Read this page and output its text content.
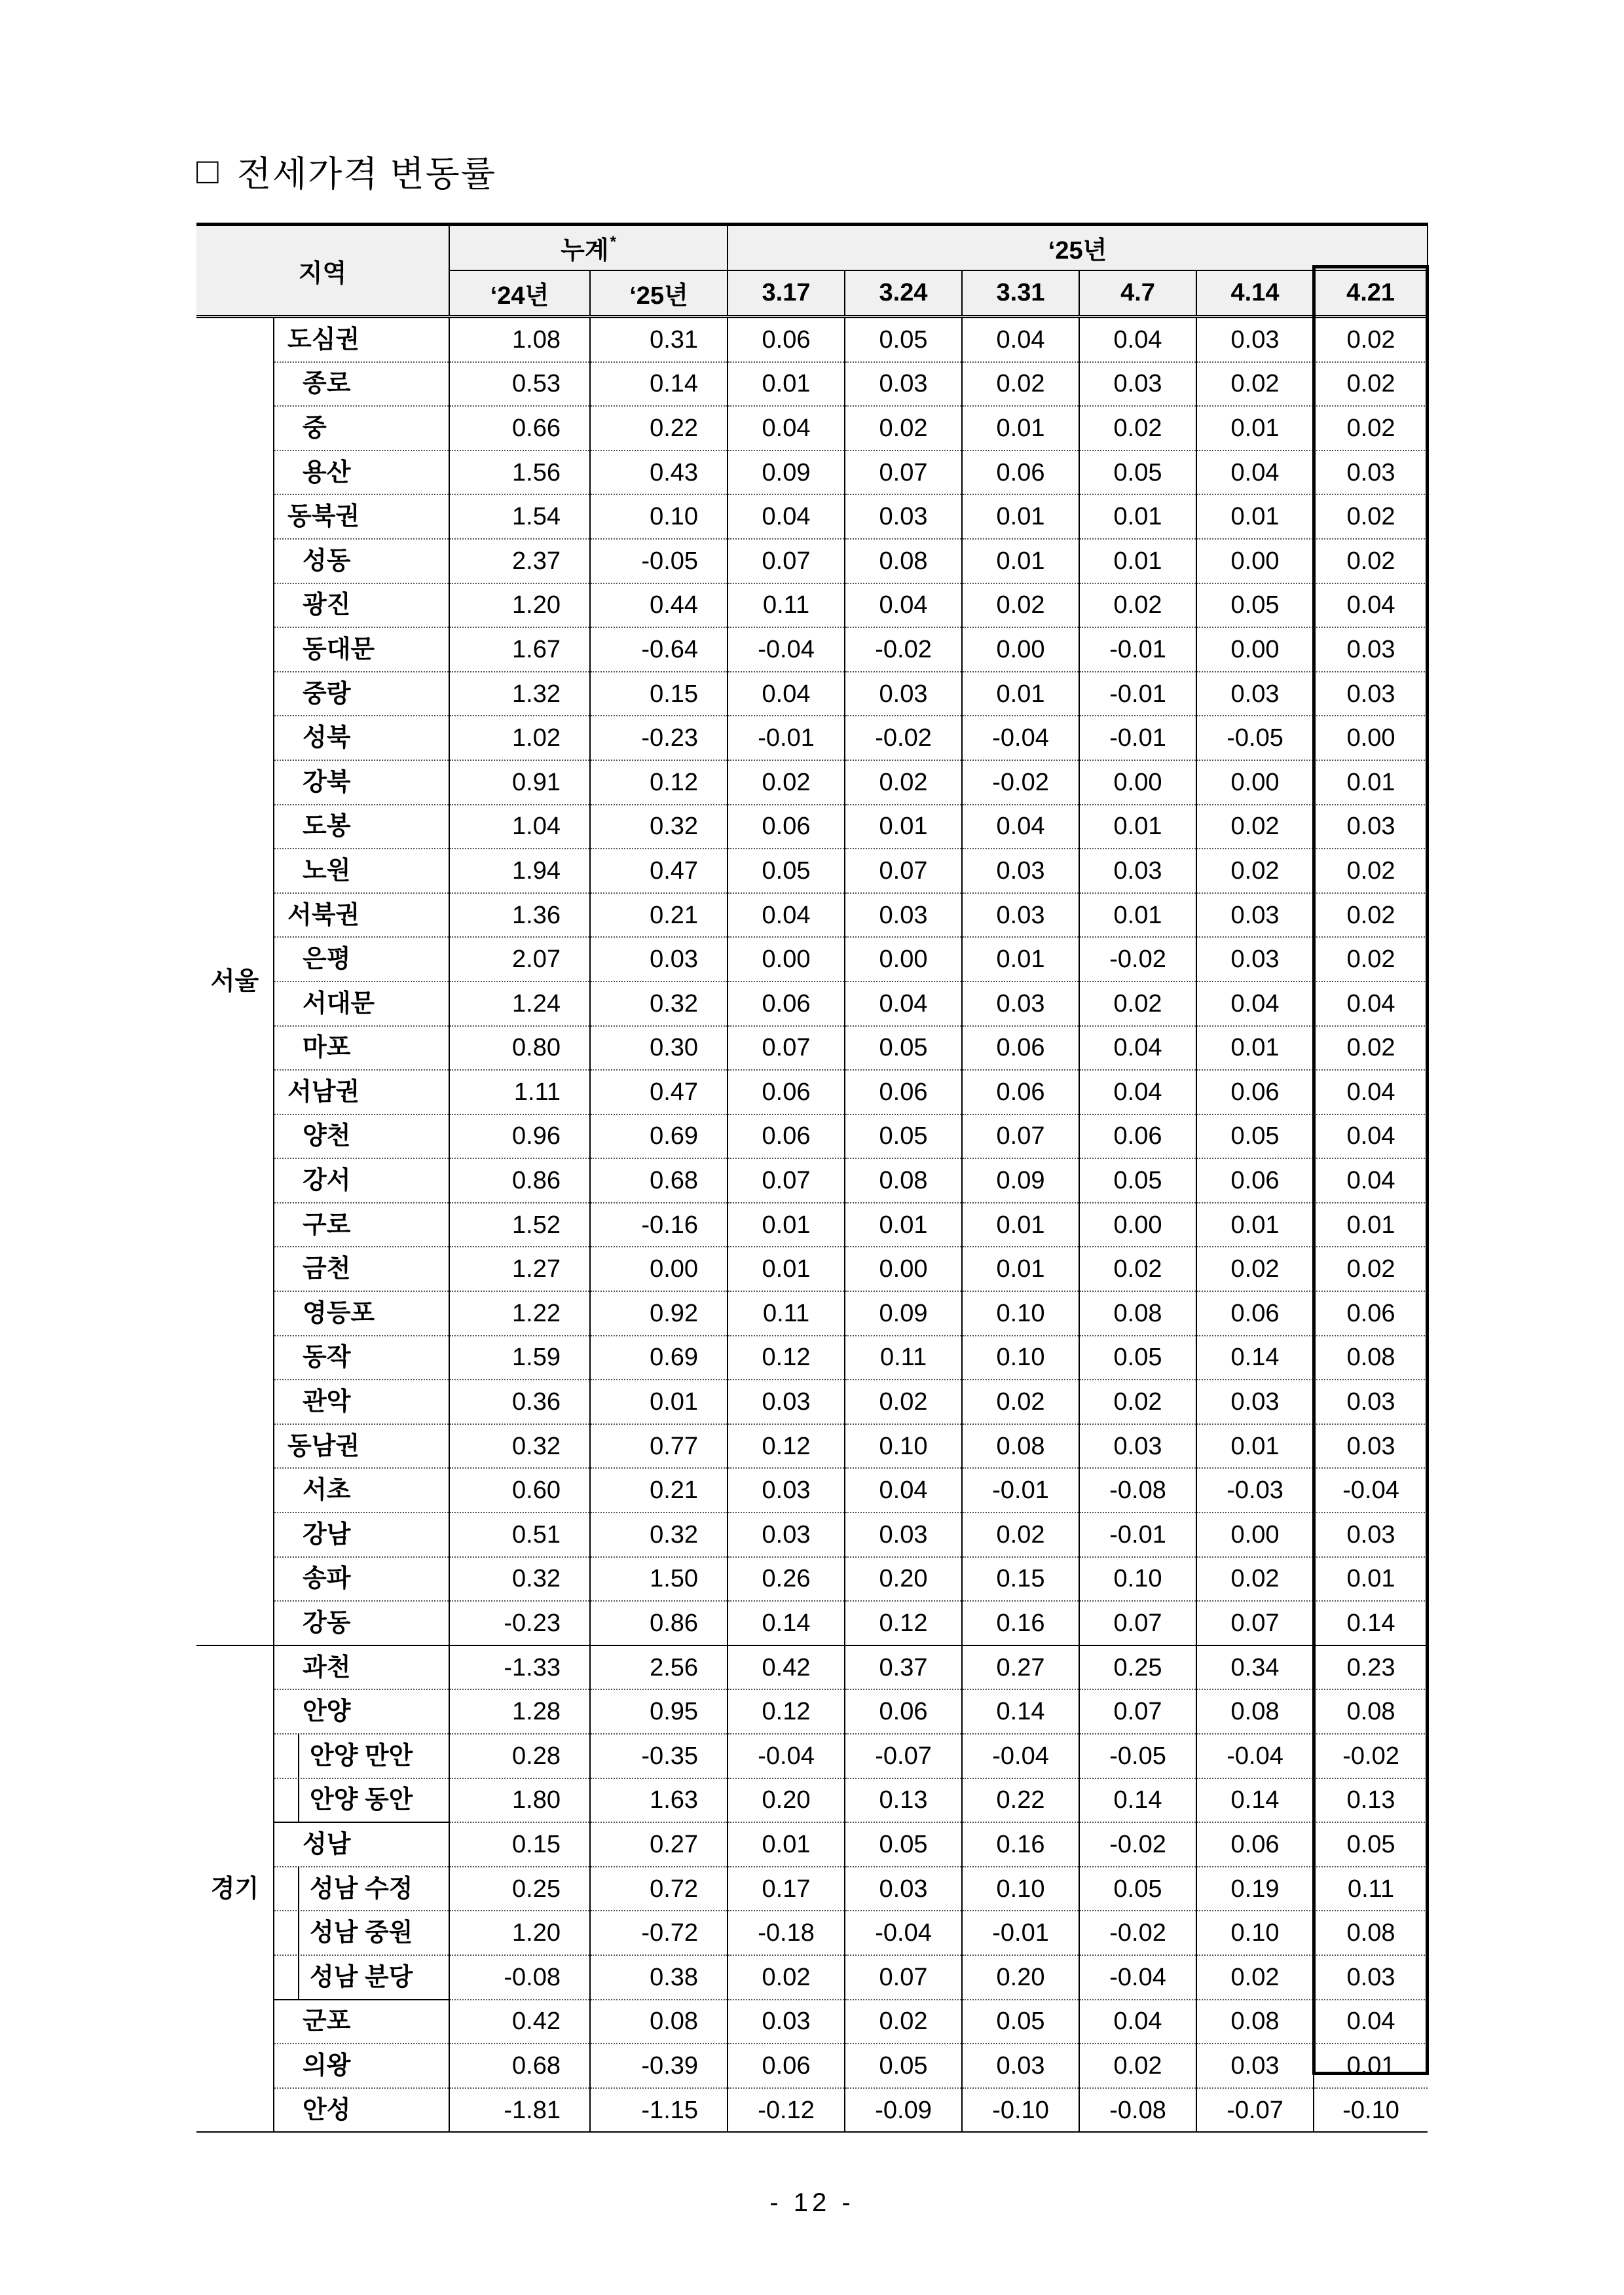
□ 전세가격 변동률
지역		누계*		‘25년					
		‘24년	‘25년	3.17	3.24	3.31	4.7	4.14	4.21
서울	도심권	1.08	0.31	0.06	0.05	0.04	0.04	0.03	0.02
	종로	0.53	0.14	0.01	0.03	0.02	0.03	0.02	0.02
	중	0.66	0.22	0.04	0.02	0.01	0.02	0.01	0.02
	용산	1.56	0.43	0.09	0.07	0.06	0.05	0.04	0.03
	동북권	1.54	0.10	0.04	0.03	0.01	0.01	0.01	0.02
	성동	2.37	-0.05	0.07	0.08	0.01	0.01	0.00	0.02
	광진	1.20	0.44	0.11	0.04	0.02	0.02	0.05	0.04
	동대문	1.67	-0.64	-0.04	-0.02	0.00	-0.01	0.00	0.03
	중랑	1.32	0.15	0.04	0.03	0.01	-0.01	0.03	0.03
	성북	1.02	-0.23	-0.01	-0.02	-0.04	-0.01	-0.05	0.00
	강북	0.91	0.12	0.02	0.02	-0.02	0.00	0.00	0.01
	도봉	1.04	0.32	0.06	0.01	0.04	0.01	0.02	0.03
	노원	1.94	0.47	0.05	0.07	0.03	0.03	0.02	0.02
	서북권	1.36	0.21	0.04	0.03	0.03	0.01	0.03	0.02
	은평	2.07	0.03	0.00	0.00	0.01	-0.02	0.03	0.02
	서대문	1.24	0.32	0.06	0.04	0.03	0.02	0.04	0.04
	마포	0.80	0.30	0.07	0.05	0.06	0.04	0.01	0.02
	서남권	1.11	0.47	0.06	0.06	0.06	0.04	0.06	0.04
	양천	0.96	0.69	0.06	0.05	0.07	0.06	0.05	0.04
	강서	0.86	0.68	0.07	0.08	0.09	0.05	0.06	0.04
	구로	1.52	-0.16	0.01	0.01	0.01	0.00	0.01	0.01
	금천	1.27	0.00	0.01	0.00	0.01	0.02	0.02	0.02
	영등포	1.22	0.92	0.11	0.09	0.10	0.08	0.06	0.06
	동작	1.59	0.69	0.12	0.11	0.10	0.05	0.14	0.08
	관악	0.36	0.01	0.03	0.02	0.02	0.02	0.03	0.03
	동남권	0.32	0.77	0.12	0.10	0.08	0.03	0.01	0.03
	서초	0.60	0.21	0.03	0.04	-0.01	-0.08	-0.03	-0.04
	강남	0.51	0.32	0.03	0.03	0.02	-0.01	0.00	0.03
	송파	0.32	1.50	0.26	0.20	0.15	0.10	0.02	0.01
	강동	-0.23	0.86	0.14	0.12	0.16	0.07	0.07	0.14
경기	과천	-1.33	2.56	0.42	0.37	0.27	0.25	0.34	0.23
	안양	1.28	0.95	0.12	0.06	0.14	0.07	0.08	0.08
	안양 만안	0.28	-0.35	-0.04	-0.07	-0.04	-0.05	-0.04	-0.02
	안양 동안	1.80	1.63	0.20	0.13	0.22	0.14	0.14	0.13
	성남	0.15	0.27	0.01	0.05	0.16	-0.02	0.06	0.05
	성남 수정	0.25	0.72	0.17	0.03	0.10	0.05	0.19	0.11
	성남 중원	1.20	-0.72	-0.18	-0.04	-0.01	-0.02	0.10	0.08
	성남 분당	-0.08	0.38	0.02	0.07	0.20	-0.04	0.02	0.03
	군포	0.42	0.08	0.03	0.02	0.05	0.04	0.08	0.04
	의왕	0.68	-0.39	0.06	0.05	0.03	0.02	0.03	0.01
	안성	-1.81	-1.15	-0.12	-0.09	-0.10	-0.08	-0.07	-0.10
- 12 -
